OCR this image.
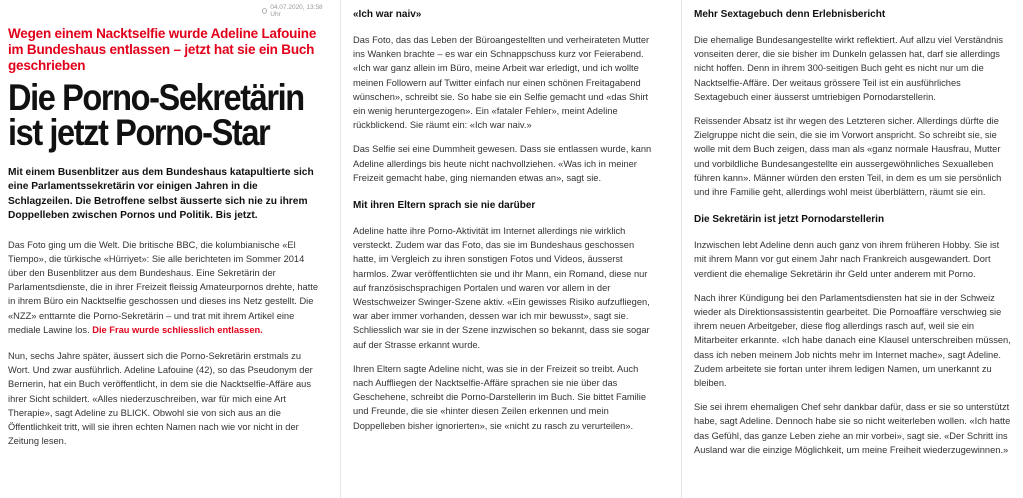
04.07.2020, 13:58 Uhr
Wegen einem Nacktselfie wurde Adeline Lafouine im Bundeshaus entlassen – jetzt hat sie ein Buch geschrieben
Die Porno-Sekretärin ist jetzt Porno-Star
Mit einem Busenblitzer aus dem Bundeshaus katapultierte sich eine Parlamentssekretärin vor einigen Jahren in die Schlagzeilen. Die Betroffene selbst äusserte sich nie zu ihrem Doppelleben zwischen Pornos und Politik. Bis jetzt.

Das Foto ging um die Welt. Die britische BBC, die kolumbianische «El Tiempo», die türkische «Hürriyet»: Sie alle berichteten im Sommer 2014 über den Busenblitzer aus dem Bundeshaus. Eine Sekretärin der Parlamentsdienste, die in ihrer Freizeit fleissig Amateurpornos drehte, hatte in ihrem Büro ein Nacktselfie geschossen und dieses ins Netz gestellt. Die «NZZ» enttarnte die Porno-Sekretärin – und trat mit ihrem Artikel eine mediale Lawine los. Die Frau wurde schliesslich entlassen.

Nun, sechs Jahre später, äussert sich die Porno-Sekretärin erstmals zu Wort. Und zwar ausführlich. Adeline Lafouine (42), so das Pseudonym der Bernerin, hat ein Buch veröffentlicht, in dem sie die Nacktselfie-Affäre aus ihrer Sicht schildert. «Alles niederzuschreiben, war für mich eine Art Therapie», sagt Adeline zu BLICK. Obwohl sie von sich aus an die Öffentlichkeit tritt, will sie ihren echten Namen nach wie vor nicht in der Zeitung lesen.

«Ich war naiv»

Das Foto, das das Leben der Büroangestellten und verheirateten Mutter ins Wanken brachte – es war ein Schnappschuss kurz vor Feierabend. «Ich war ganz allein im Büro, meine Arbeit war erledigt, und ich wollte meinen Followern auf Twitter einfach nur einen schönen Freitagabend wünschen», schreibt sie. So habe sie ein Selfie gemacht und «das Shirt ein wenig heruntergezogen». Ein «fataler Fehler», meint Adeline rückblickend. Sie räumt ein: «Ich war naiv.»

Das Selfie sei eine Dummheit gewesen. Dass sie entlassen wurde, kann Adeline allerdings bis heute nicht nachvollziehen. «Was ich in meiner Freizeit gemacht habe, ging niemanden etwas an», sagt sie.

Mit ihren Eltern sprach sie nie darüber

Adeline hatte ihre Porno-Aktivität im Internet allerdings nie wirklich versteckt. Zudem war das Foto, das sie im Bundeshaus geschossen hatte, im Vergleich zu ihren sonstigen Fotos und Videos, äusserst harmlos. Zwar veröffentlichten sie und ihr Mann, ein Romand, diese nur auf französischsprachigen Portalen und waren vor allem in der Westschweizer Swinger-Szene aktiv. «Ein gewisses Risiko aufzufliegen, war aber immer vorhanden, dessen war ich mir bewusst», sagt sie. Schliesslich war sie in der Szene inzwischen so bekannt, dass sie sogar auf der Strasse erkannt wurde.

Ihren Eltern sagte Adeline nicht, was sie in der Freizeit so treibt. Auch nach Auffliegen der Nacktselfie-Affäre sprachen sie nie über das Geschehene, schreibt die Porno-Darstellerin im Buch. Sie bittet Familie und Freunde, die sie «hinter diesen Zeilen erkennen und mein Doppelleben bisher ignorierten», sie «nicht zu rasch zu verurteilen».

Mehr Sextagebuch denn Erlebnisbericht

Die ehemalige Bundesangestellte wirkt reflektiert. Auf allzu viel Verständnis vonseiten derer, die sie bisher im Dunkeln gelassen hat, darf sie allerdings nicht hoffen. Denn in ihrem 300-seitigen Buch geht es nicht nur um die Nacktselfie-Affäre. Der weitaus grössere Teil ist ein ausführliches Sextagebuch einer äusserst umtriebigen Pornodarstellerin.

Reissender Absatz ist ihr wegen des Letzteren sicher. Allerdings dürfte die Zielgruppe nicht die sein, die sie im Vorwort anspricht. So schreibt sie, sie wolle mit dem Buch zeigen, dass man als «ganz normale Hausfrau, Mutter und vorbildliche Bundesangestellte ein aussergewöhnliches Sexualleben führen kann». Männer würden den ersten Teil, in dem es um sie persönlich und ihre Familie geht, allerdings wohl meist überblättern, räumt sie ein.

Die Sekretärin ist jetzt Pornodarstellerin

Inzwischen lebt Adeline denn auch ganz von ihrem früheren Hobby. Sie ist mit ihrem Mann vor gut einem Jahr nach Frankreich ausgewandert. Dort verdient die ehemalige Sekretärin ihr Geld unter anderem mit Porno.

Nach ihrer Kündigung bei den Parlamentsdiensten hat sie in der Schweiz wieder als Direktionsassistentin gearbeitet. Die Pornoaffäre verschwieg sie ihrem neuen Arbeitgeber, diese flog allerdings rasch auf, weil sie ein Mitarbeiter erkannte. «Ich habe danach eine Klausel unterschreiben müssen, dass ich neben meinem Job nichts mehr im Internet mache», sagt Adeline. Zudem arbeitete sie fortan unter ihrem ledigen Namen, um unerkannt zu bleiben.

Sie sei ihrem ehemaligen Chef sehr dankbar dafür, dass er sie so unterstützt habe, sagt Adeline. Dennoch habe sie so nicht weiterleben wollen. «Ich hatte das Gefühl, das ganze Leben ziehe an mir vorbei», sagt sie. «Der Schritt ins Ausland war die einzige Möglichkeit, um meine Freiheit wiederzugewinnen.»
